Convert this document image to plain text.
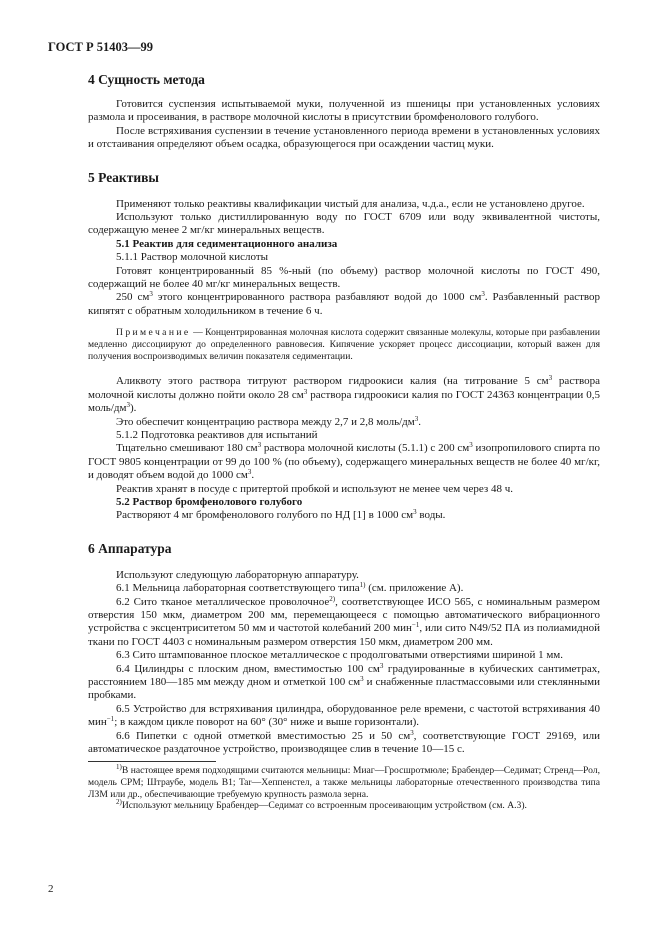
ГОСТ Р 51403—99
4 Сущность метода

Готовится суспензия испытываемой муки, полученной из пшеницы при установленных условиях размола и просеивания, в растворе молочной кислоты в присутствии бромфенолового голубого.

После встряхивания суспензии в течение установленного периода времени в установленных условиях и отстаивания определяют объем осадка, образующегося при осаждении частиц муки.

5 Реактивы

Применяют только реактивы квалификации чистый для анализа, ч.д.а., если не установлено другое.

Используют только дистиллированную воду по ГОСТ 6709 или воду эквивалентной чистоты, содержащую менее 2 мг/кг минеральных веществ.

5.1 Реактив для седиментационного анализа

5.1.1 Раствор молочной кислоты

Готовят концентрированный 85 %-ный (по объему) раствор молочной кислоты по ГОСТ 490, содержащий не более 40 мг/кг минеральных веществ.

250 $см^3$ этого концентрированного раствора разбавляют водой до 1000 $см^3$. Разбавленный раствор кипятят с обратным холодильником в течение 6 ч.

Примечание — Концентрированная молочная кислота содержит связанные молекулы, которые при разбавлении медленно диссоциируют до определенного равновесия. Кипячение ускоряет процесс диссоциации, который важен для получения воспроизводимых величин показателя седиментации.

Аликвоту этого раствора титруют раствором гидроокиси калия (на титрование 5 $см^3$ раствора молочной кислоты должно пойти около 28 $см^3$ раствора гидроокиси калия по ГОСТ 24363 концентрации 0,5 моль/$дм^3$).

Это обеспечит концентрацию раствора между 2,7 и 2,8 моль/$дм^3$.

5.1.2 Подготовка реактивов для испытаний

Тщательно смешивают 180 $см^3$ раствора молочной кислоты (5.1.1) с 200 $см^3$ изопропилового спирта по ГОСТ 9805 концентрации от 99 до 100 % (по объему), содержащего минеральных веществ не более 40 мг/кг, и доводят объем водой до 1000 $см^3$.

Реактив хранят в посуде с притертой пробкой и используют не менее чем через 48 ч.

5.2 Раствор бромфенолового голубого

Растворяют 4 мг бромфенолового голубого по НД [1] в 1000 $см^3$ воды.

6 Аппаратура

Используют следующую лабораторную аппаратуру.

6.1 Мельница лабораторная соответствующего типа$^{1)}$ (см. приложение А).

6.2 Сито тканое металлическое проволочное$^{2)}$, соответствующее ИСО 565, с номинальным размером отверстия 150 мкм, диаметром 200 мм, перемещающееся с помощью автоматического вибрационного устройства с эксцентриситетом 50 мм и частотой колебаний 200 мин$^{-1}$, или сито N49/52 ПА из полиамидной ткани по ГОСТ 4403 с номинальным размером отверстия 150 мкм, диаметром 200 мм.

6.3 Сито штампованное плоское металлическое с продолговатыми отверстиями шириной 1 мм.

6.4 Цилиндры с плоским дном, вместимостью 100 $см^3$ градуированные в кубических сантиметрах, расстоянием 180—185 мм между дном и отметкой 100 $см^3$ и снабженные пластмассовыми или стеклянными пробками.

6.5 Устройство для встряхивания цилиндра, оборудованное реле времени, с частотой встряхивания 40 мин$^{-1}$; в каждом цикле поворот на 60° (30° ниже и выше горизонтали).

6.6 Пипетки с одной отметкой вместимостью 25 и 50 $см^3$, соответствующие ГОСТ 29169, или автоматическое раздаточное устройство, производящее слив в течение 10—15 с.

$^{1)}$В настоящее время подходящими считаются мельницы: Миаг—Гросшротмюле; Брабендер—Седимат; Стренд—Рол, модель CPM; Штраубе, модель B1; Tar—Хеппенстел, а также мельницы лабораторные отечественного производства типа ЛЗМ или др., обеспечивающие требуемую крупность размола зерна.

$^{2)}$Используют мельницу Брабендер—Седимат со встроенным просеивающим устройством (см. А.3).

2
